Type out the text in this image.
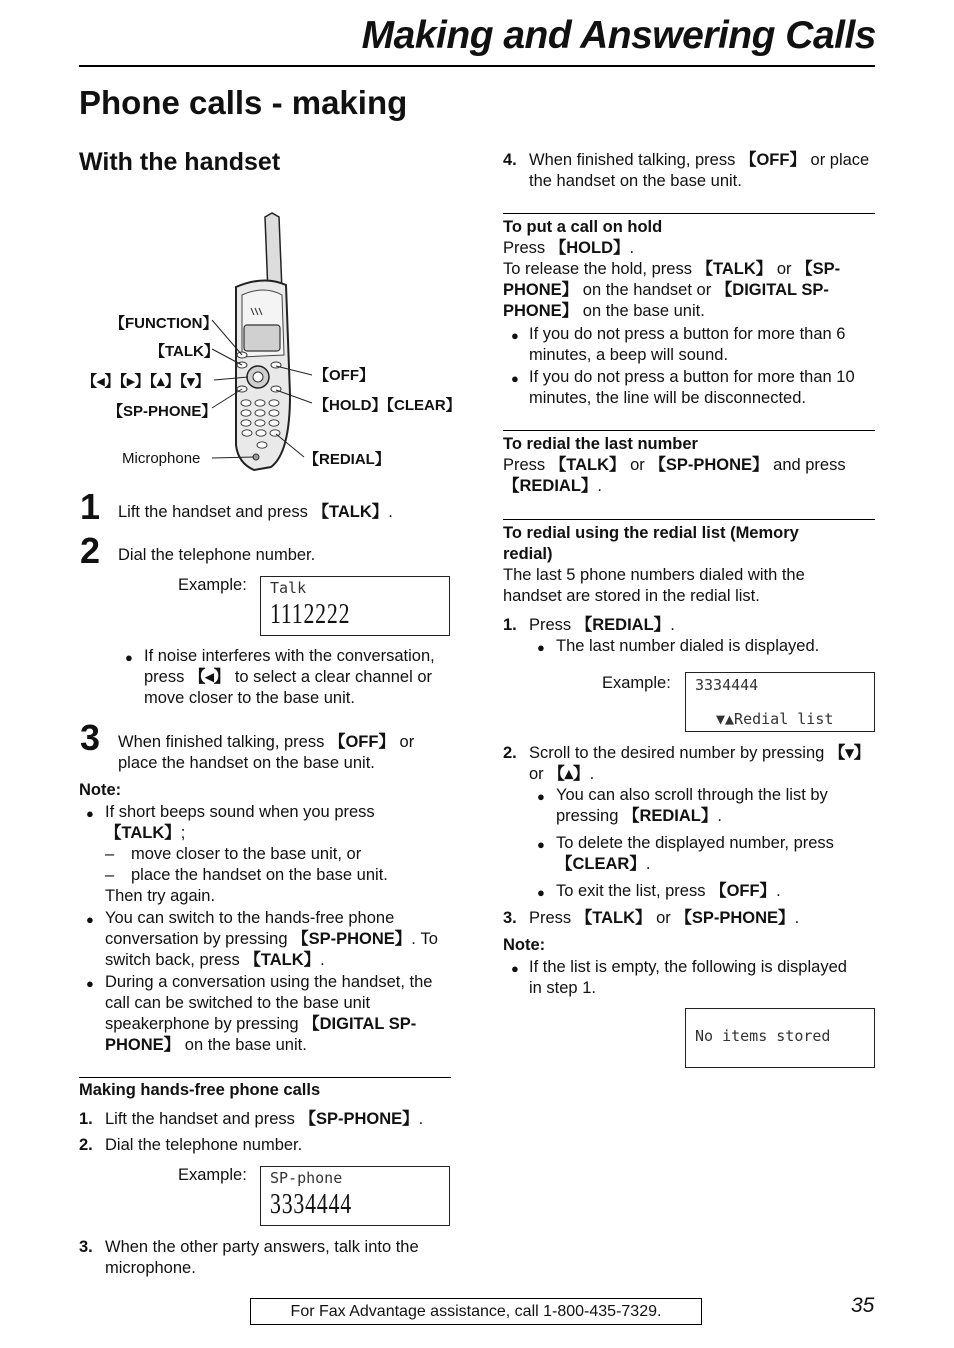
Making and Answering Calls
Phone calls - making
With the handset
【FUNCTION】
【TALK】
【◂】【▸】【▴】【▾】
【SP-PHONE】
Microphone
【OFF】
【HOLD】【CLEAR】
【REDIAL】
1 Lift the handset and press 【TALK】.
2 Dial the telephone number.
Example: Talk
1112222
● If noise interferes with the conversation,
press 【◂】 to select a clear channel or
move closer to the base unit.
3 When finished talking, press 【OFF】 or
place the handset on the base unit.
Note:
● If short beeps sound when you press
【TALK】;
– move closer to the base unit, or
– place the handset on the base unit.
Then try again.
● You can switch to the hands-free phone
conversation by pressing 【SP-PHONE】. To
switch back, press 【TALK】.
● During a conversation using the handset, the
call can be switched to the base unit
speakerphone by pressing 【DIGITAL SP-
PHONE】 on the base unit.
Making hands-free phone calls
1. Lift the handset and press 【SP-PHONE】.
2. Dial the telephone number.
Example: SP-phone
3334444
3. When the other party answers, talk into the
microphone.
4. When finished talking, press 【OFF】 or place
the handset on the base unit.
To put a call on hold
Press 【HOLD】.
To release the hold, press 【TALK】 or 【SP-
PHONE】 on the handset or 【DIGITAL SP-
PHONE】 on the base unit.
● If you do not press a button for more than 6
minutes, a beep will sound.
● If you do not press a button for more than 10
minutes, the line will be disconnected.
To redial the last number
Press 【TALK】 or 【SP-PHONE】 and press
【REDIAL】.
To redial using the redial list (Memory
redial)
The last 5 phone numbers dialed with the
handset are stored in the redial list.
1. Press 【REDIAL】.
● The last number dialed is displayed.
Example: 3334444
▼▲Redial list
2. Scroll to the desired number by pressing 【▾】
or 【▴】.
● You can also scroll through the list by
pressing 【REDIAL】.
● To delete the displayed number, press
【CLEAR】.
● To exit the list, press 【OFF】.
3. Press 【TALK】 or 【SP-PHONE】.
Note:
● If the list is empty, the following is displayed
in step 1.
No items stored
For Fax Advantage assistance, call 1-800-435-7329.	35
